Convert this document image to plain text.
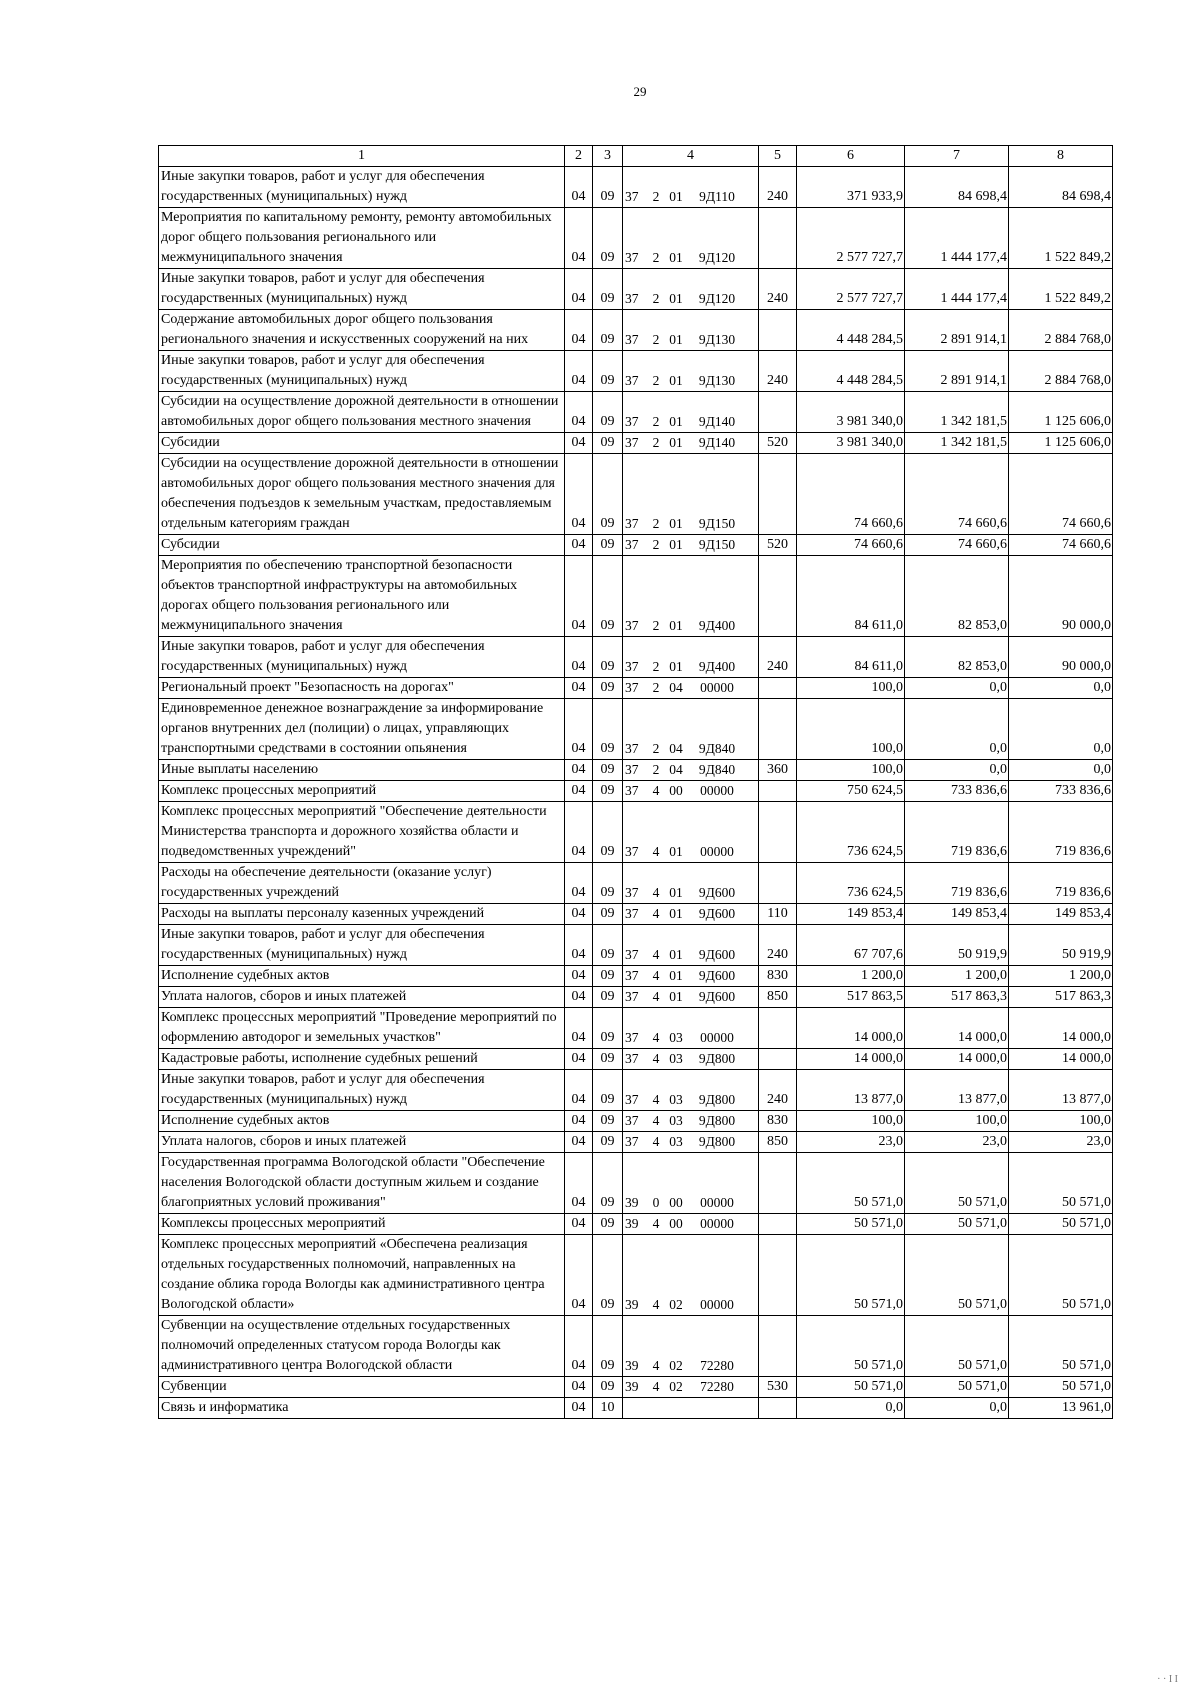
29
1	2	3	4	5	6	7	8
Иные закупки товаров, работ и услуг для обеспечения государственных (муниципальных) нужд	04	09	37 2 01 9Д110	240	371 933,9	84 698,4	84 698,4
Мероприятия по капитальному ремонту, ремонту автомобильных дорог общего пользования регионального или межмуниципального значения	04	09	37 2 01 9Д120		2 577 727,7	1 444 177,4	1 522 849,2
Иные закупки товаров, работ и услуг для обеспечения государственных (муниципальных) нужд	04	09	37 2 01 9Д120	240	2 577 727,7	1 444 177,4	1 522 849,2
Содержание автомобильных дорог общего пользования регионального значения и искусственных сооружений на них	04	09	37 2 01 9Д130		4 448 284,5	2 891 914,1	2 884 768,0
Иные закупки товаров, работ и услуг для обеспечения государственных (муниципальных) нужд	04	09	37 2 01 9Д130	240	4 448 284,5	2 891 914,1	2 884 768,0
Субсидии на осуществление дорожной деятельности в отношении автомобильных дорог общего пользования местного значения	04	09	37 2 01 9Д140		3 981 340,0	1 342 181,5	1 125 606,0
Субсидии	04	09	37 2 01 9Д140	520	3 981 340,0	1 342 181,5	1 125 606,0
Субсидии на осуществление дорожной деятельности в отношении автомобильных дорог общего пользования местного значения для обеспечения подъездов к земельным участкам, предоставляемым отдельным категориям граждан	04	09	37 2 01 9Д150		74 660,6	74 660,6	74 660,6
Субсидии	04	09	37 2 01 9Д150	520	74 660,6	74 660,6	74 660,6
Мероприятия по обеспечению транспортной безопасности объектов транспортной инфраструктуры на автомобильных дорогах общего пользования регионального или межмуниципального значения	04	09	37 2 01 9Д400		84 611,0	82 853,0	90 000,0
Иные закупки товаров, работ и услуг для обеспечения государственных (муниципальных) нужд	04	09	37 2 01 9Д400	240	84 611,0	82 853,0	90 000,0
Региональный проект "Безопасность на дорогах"	04	09	37 2 04 00000		100,0	0,0	0,0
Единовременное денежное вознаграждение за информирование органов внутренних дел (полиции) о лицах, управляющих транспортными средствами в состоянии опьянения	04	09	37 2 04 9Д840		100,0	0,0	0,0
Иные выплаты населению	04	09	37 2 04 9Д840	360	100,0	0,0	0,0
Комплекс процессных мероприятий	04	09	37 4 00 00000		750 624,5	733 836,6	733 836,6
Комплекс процессных мероприятий "Обеспечение деятельности Министерства транспорта и дорожного хозяйства области и подведомственных учреждений"	04	09	37 4 01 00000		736 624,5	719 836,6	719 836,6
Расходы на обеспечение деятельности (оказание услуг) государственных учреждений	04	09	37 4 01 9Д600		736 624,5	719 836,6	719 836,6
Расходы на выплаты персоналу казенных учреждений	04	09	37 4 01 9Д600	110	149 853,4	149 853,4	149 853,4
Иные закупки товаров, работ и услуг для обеспечения государственных (муниципальных) нужд	04	09	37 4 01 9Д600	240	67 707,6	50 919,9	50 919,9
Исполнение судебных актов	04	09	37 4 01 9Д600	830	1 200,0	1 200,0	1 200,0
Уплата налогов, сборов и иных платежей	04	09	37 4 01 9Д600	850	517 863,5	517 863,3	517 863,3
Комплекс процессных мероприятий "Проведение мероприятий по оформлению автодорог и земельных участков"	04	09	37 4 03 00000		14 000,0	14 000,0	14 000,0
Кадастровые работы, исполнение судебных решений	04	09	37 4 03 9Д800		14 000,0	14 000,0	14 000,0
Иные закупки товаров, работ и услуг для обеспечения государственных (муниципальных) нужд	04	09	37 4 03 9Д800	240	13 877,0	13 877,0	13 877,0
Исполнение судебных актов	04	09	37 4 03 9Д800	830	100,0	100,0	100,0
Уплата налогов, сборов и иных платежей	04	09	37 4 03 9Д800	850	23,0	23,0	23,0
Государственная программа Вологодской области "Обеспечение населения Вологодской области доступным жильем и создание благоприятных условий проживания"	04	09	39 0 00 00000		50 571,0	50 571,0	50 571,0
Комплексы процессных мероприятий	04	09	39 4 00 00000		50 571,0	50 571,0	50 571,0
Комплекс процессных мероприятий «Обеспечена реализация отдельных государственных полномочий, направленных на создание облика города Вологды как административного центра Вологодской области»	04	09	39 4 02 00000		50 571,0	50 571,0	50 571,0
Субвенции на осуществление отдельных государственных полномочий определенных статусом города Вологды как административного центра Вологодской области	04	09	39 4 02 72280		50 571,0	50 571,0	50 571,0
Субвенции	04	09	39 4 02 72280	530	50 571,0	50 571,0	50 571,0
Связь и информатика	04	10			0,0	0,0	13 961,0
· · I I
